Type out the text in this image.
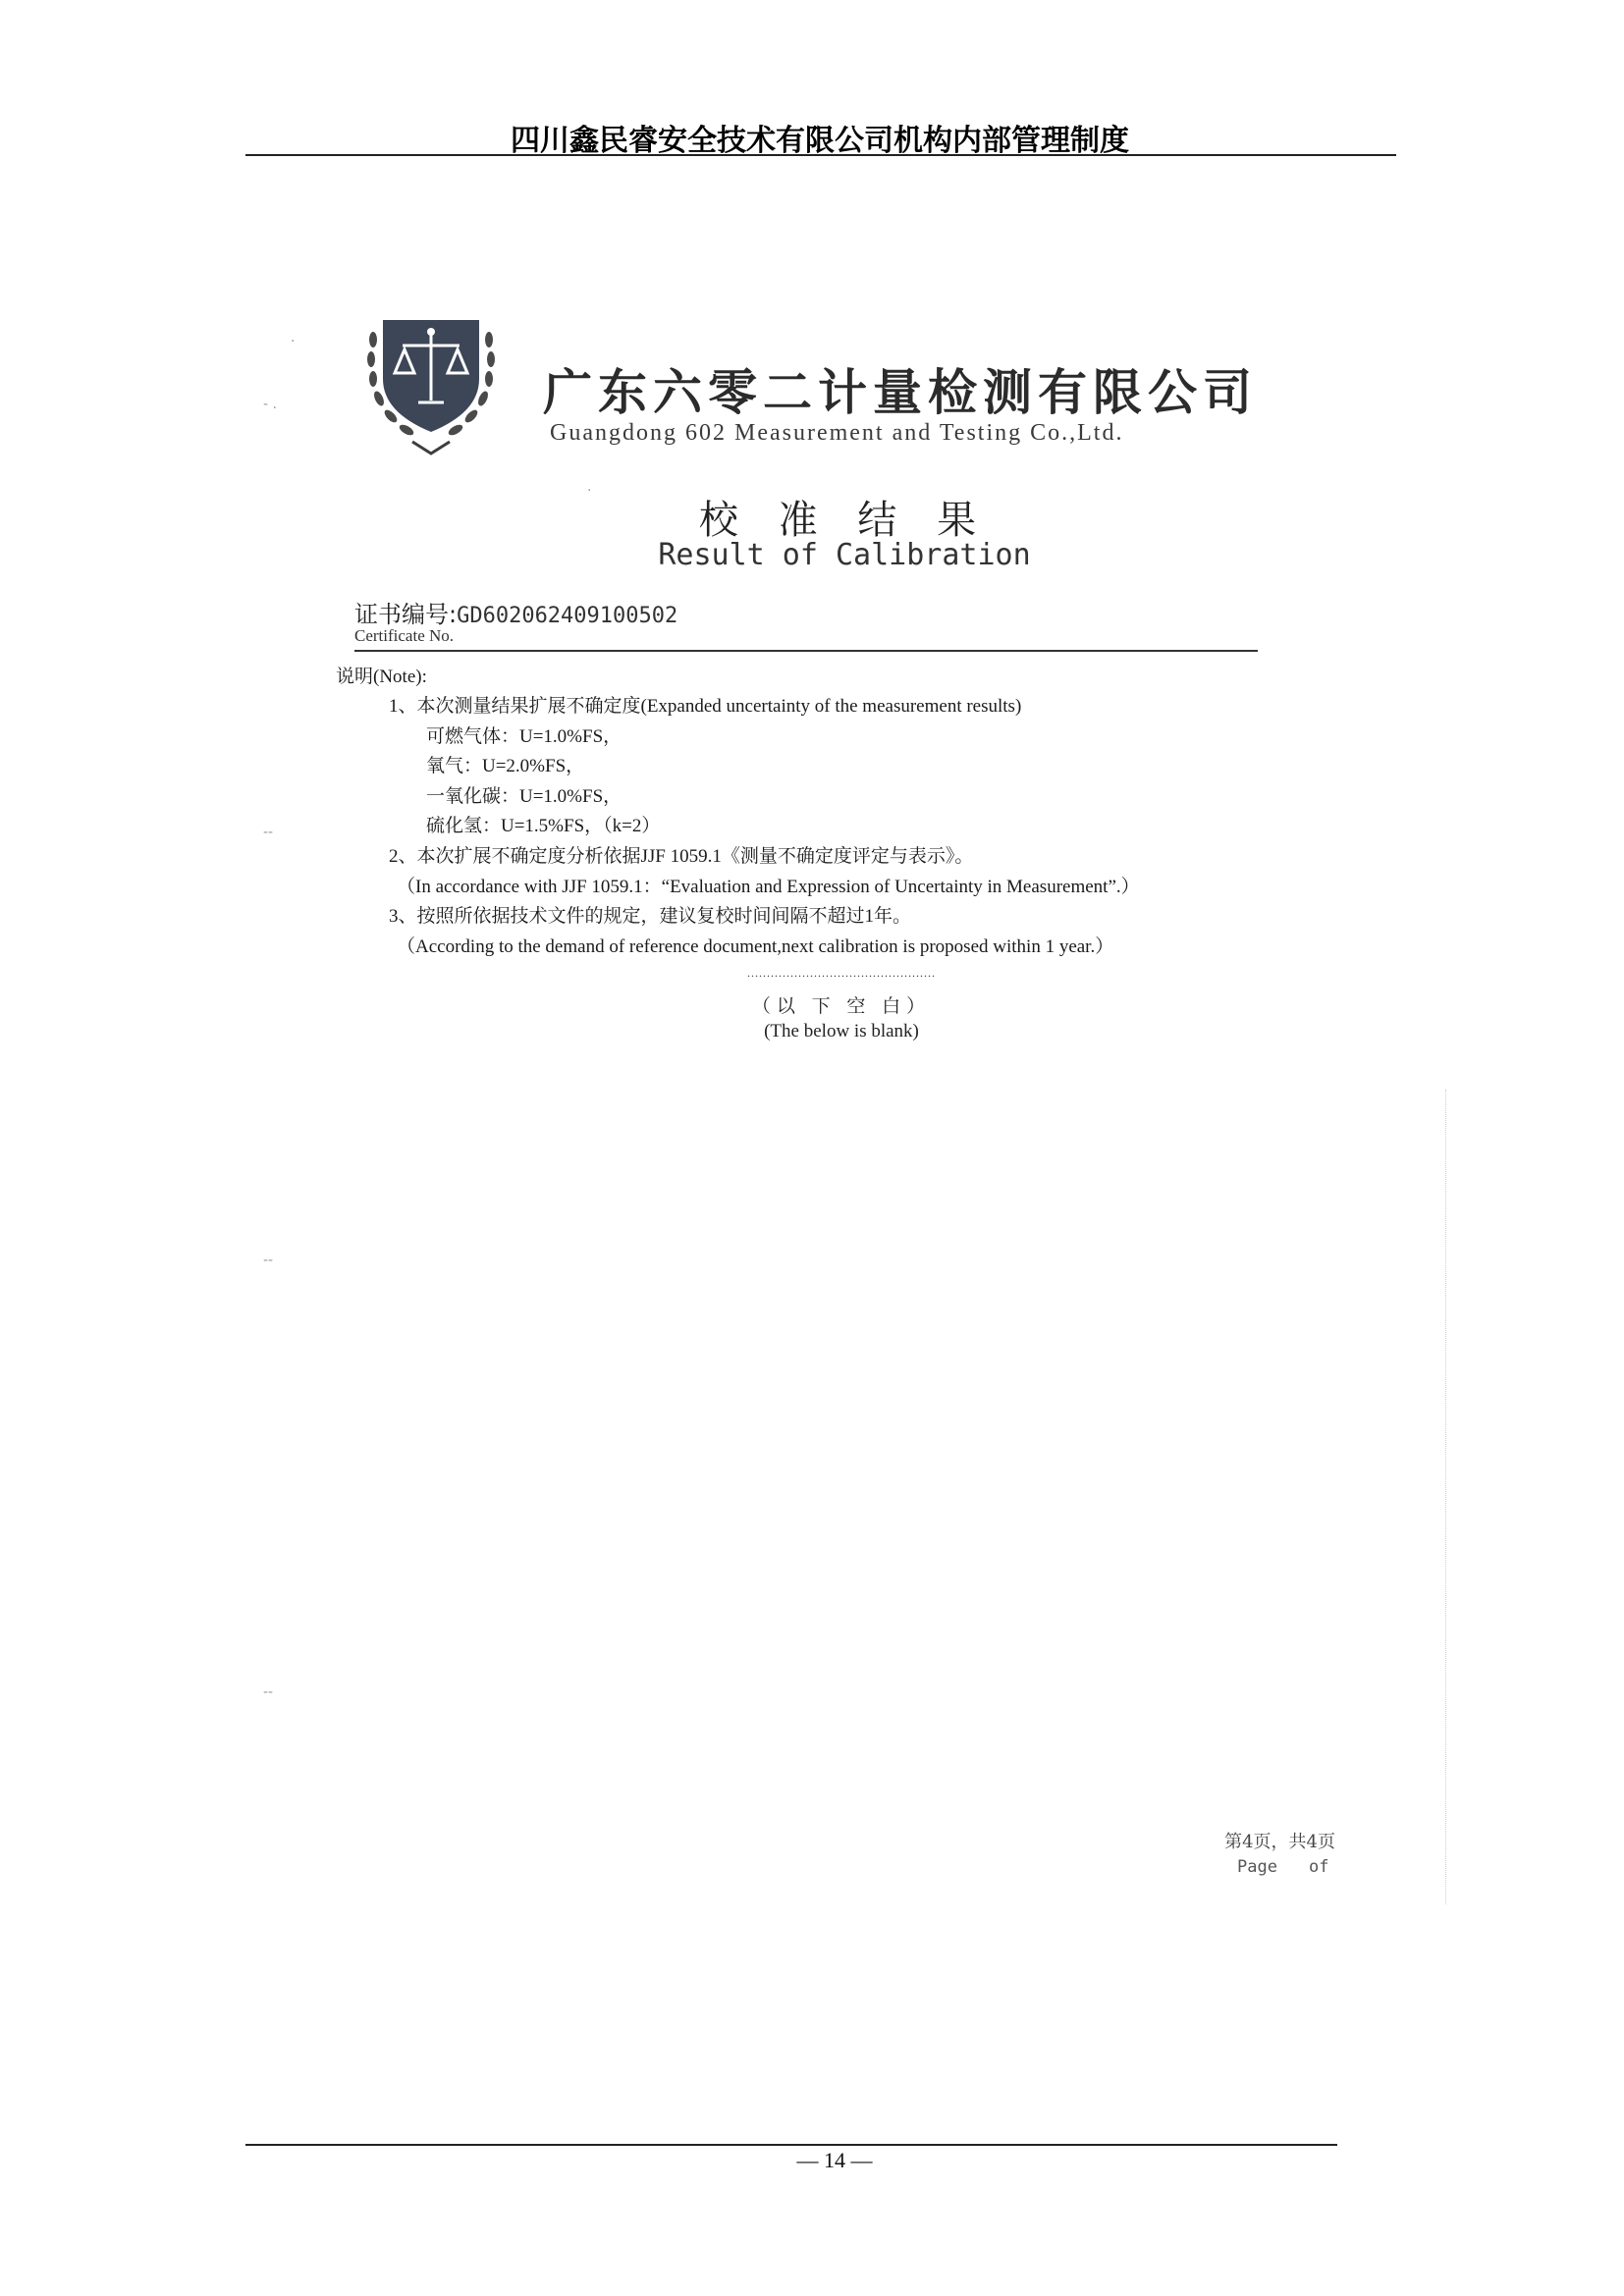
四川鑫民睿安全技术有限公司机构内部管理制度
·
- .
--
--
--
·
广东六零二计量检测有限公司
Guangdong 602 Measurement and Testing Co.,Ltd.
校 准 结 果
Result of Calibration
证书编号:GD602062409100502
Certificate No.
说明(Note):
1、本次测量结果扩展不确定度(Expanded uncertainty of the measurement results)
可燃气体：U=1.0%FS，
氧气：U=2.0%FS，
一氧化碳：U=1.0%FS，
硫化氢：U=1.5%FS，（k=2）
2、本次扩展不确定度分析依据JJF 1059.1《测量不确定度评定与表示》。
（In accordance with JJF 1059.1：“Evaluation and Expression of Uncertainty in Measurement”.）
3、按照所依据技术文件的规定，建议复校时间间隔不超过1年。
（According to the demand of reference document,next calibration is proposed within 1 year.）
................................................
（以 下 空 白）
(The below is blank)
第4页，共4页
Page of
— 14 —
